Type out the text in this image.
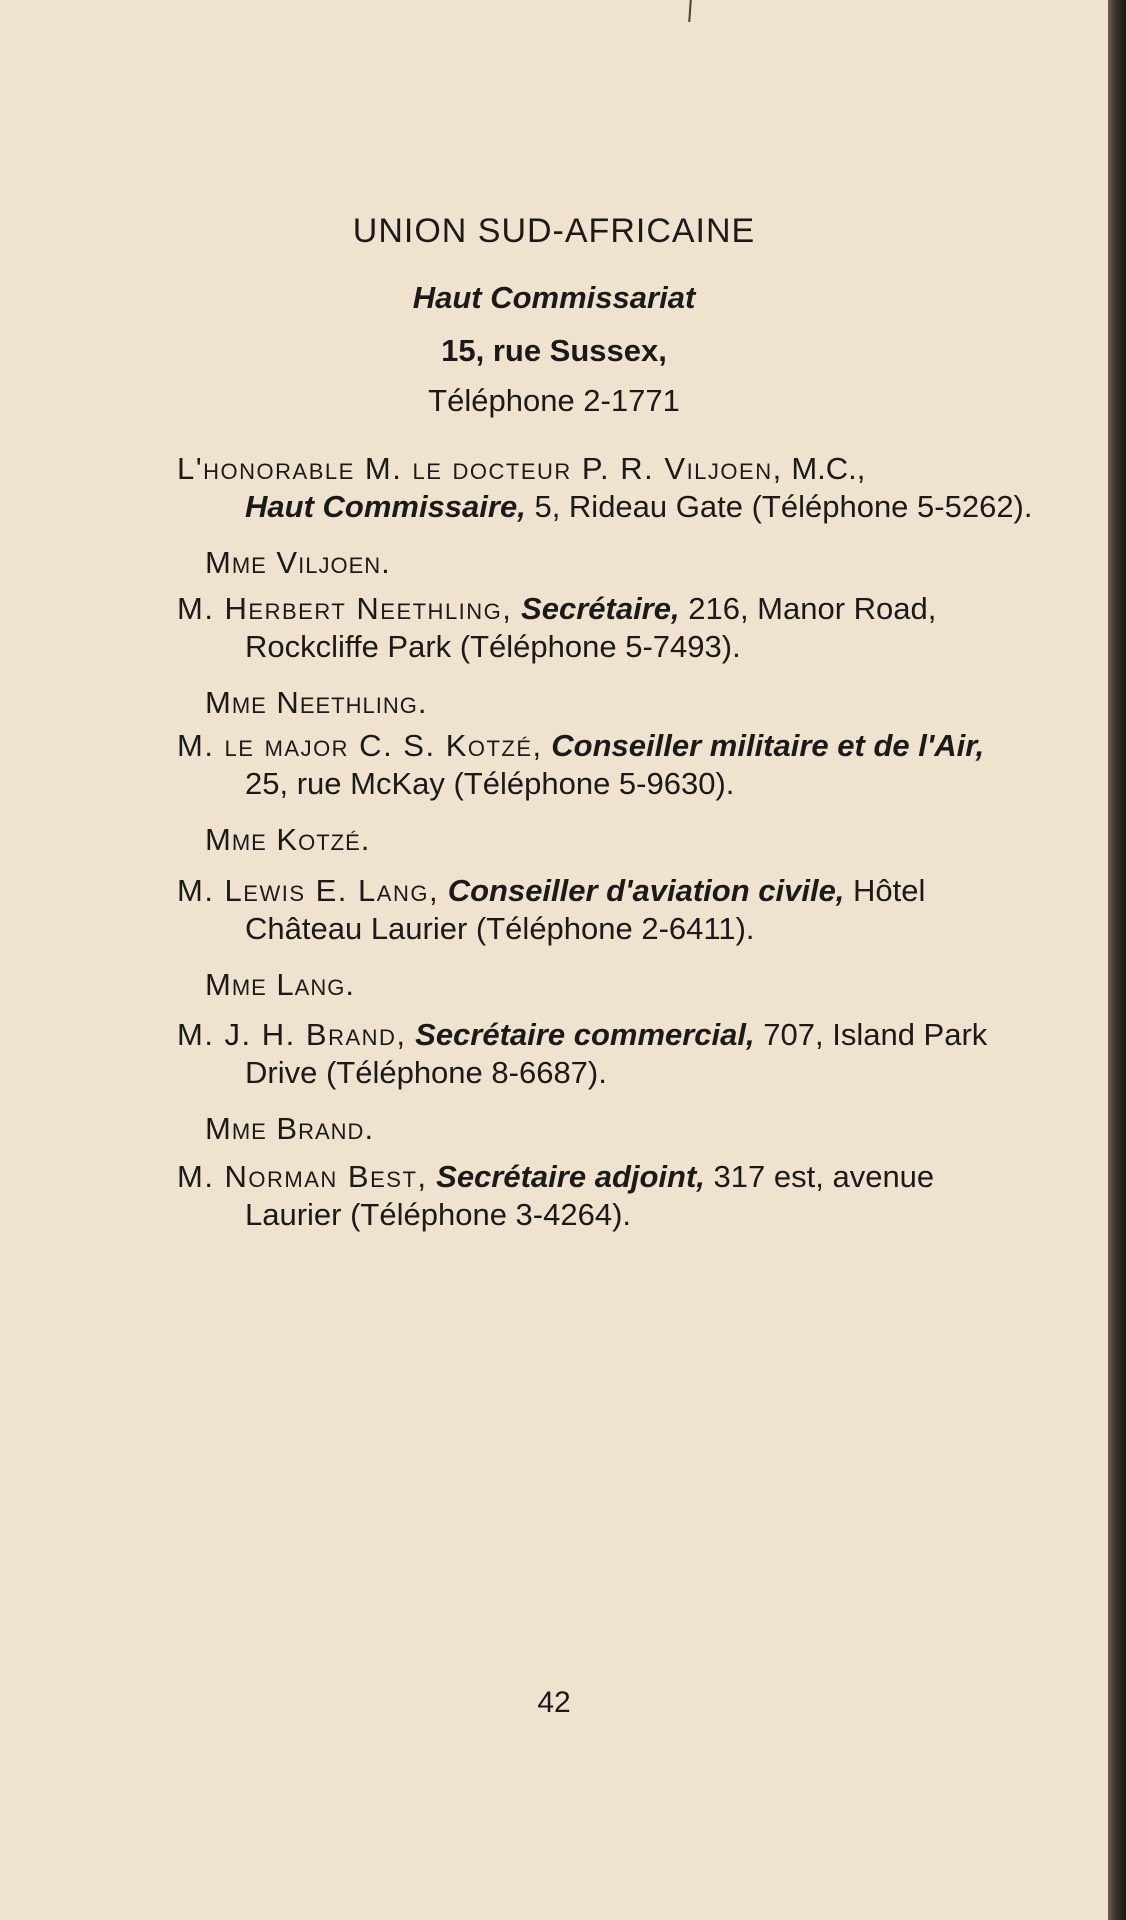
UNION SUD-AFRICAINE
Haut Commissariat
15, rue Sussex,
Téléphone 2-1771
L'honorable M. le docteur P. R. Viljoen, M.C.,
Haut Commissaire, 5, Rideau Gate (Téléphone 5-5262).
Mme Viljoen.
M. Herbert Neethling, Secrétaire, 216, Manor Road,
Rockcliffe Park (Téléphone 5-7493).
Mme Neethling.
M. le major C. S. Kotzé, Conseiller militaire et de l'Air,
25, rue McKay (Téléphone 5-9630).
Mme Kotzé.
M. Lewis E. Lang, Conseiller d'aviation civile, Hôtel
Château Laurier (Téléphone 2-6411).
Mme Lang.
M. J. H. Brand, Secrétaire commercial, 707, Island Park
Drive (Téléphone 8-6687).
Mme Brand.
M. Norman Best, Secrétaire adjoint, 317 est, avenue
Laurier (Téléphone 3-4264).
42
